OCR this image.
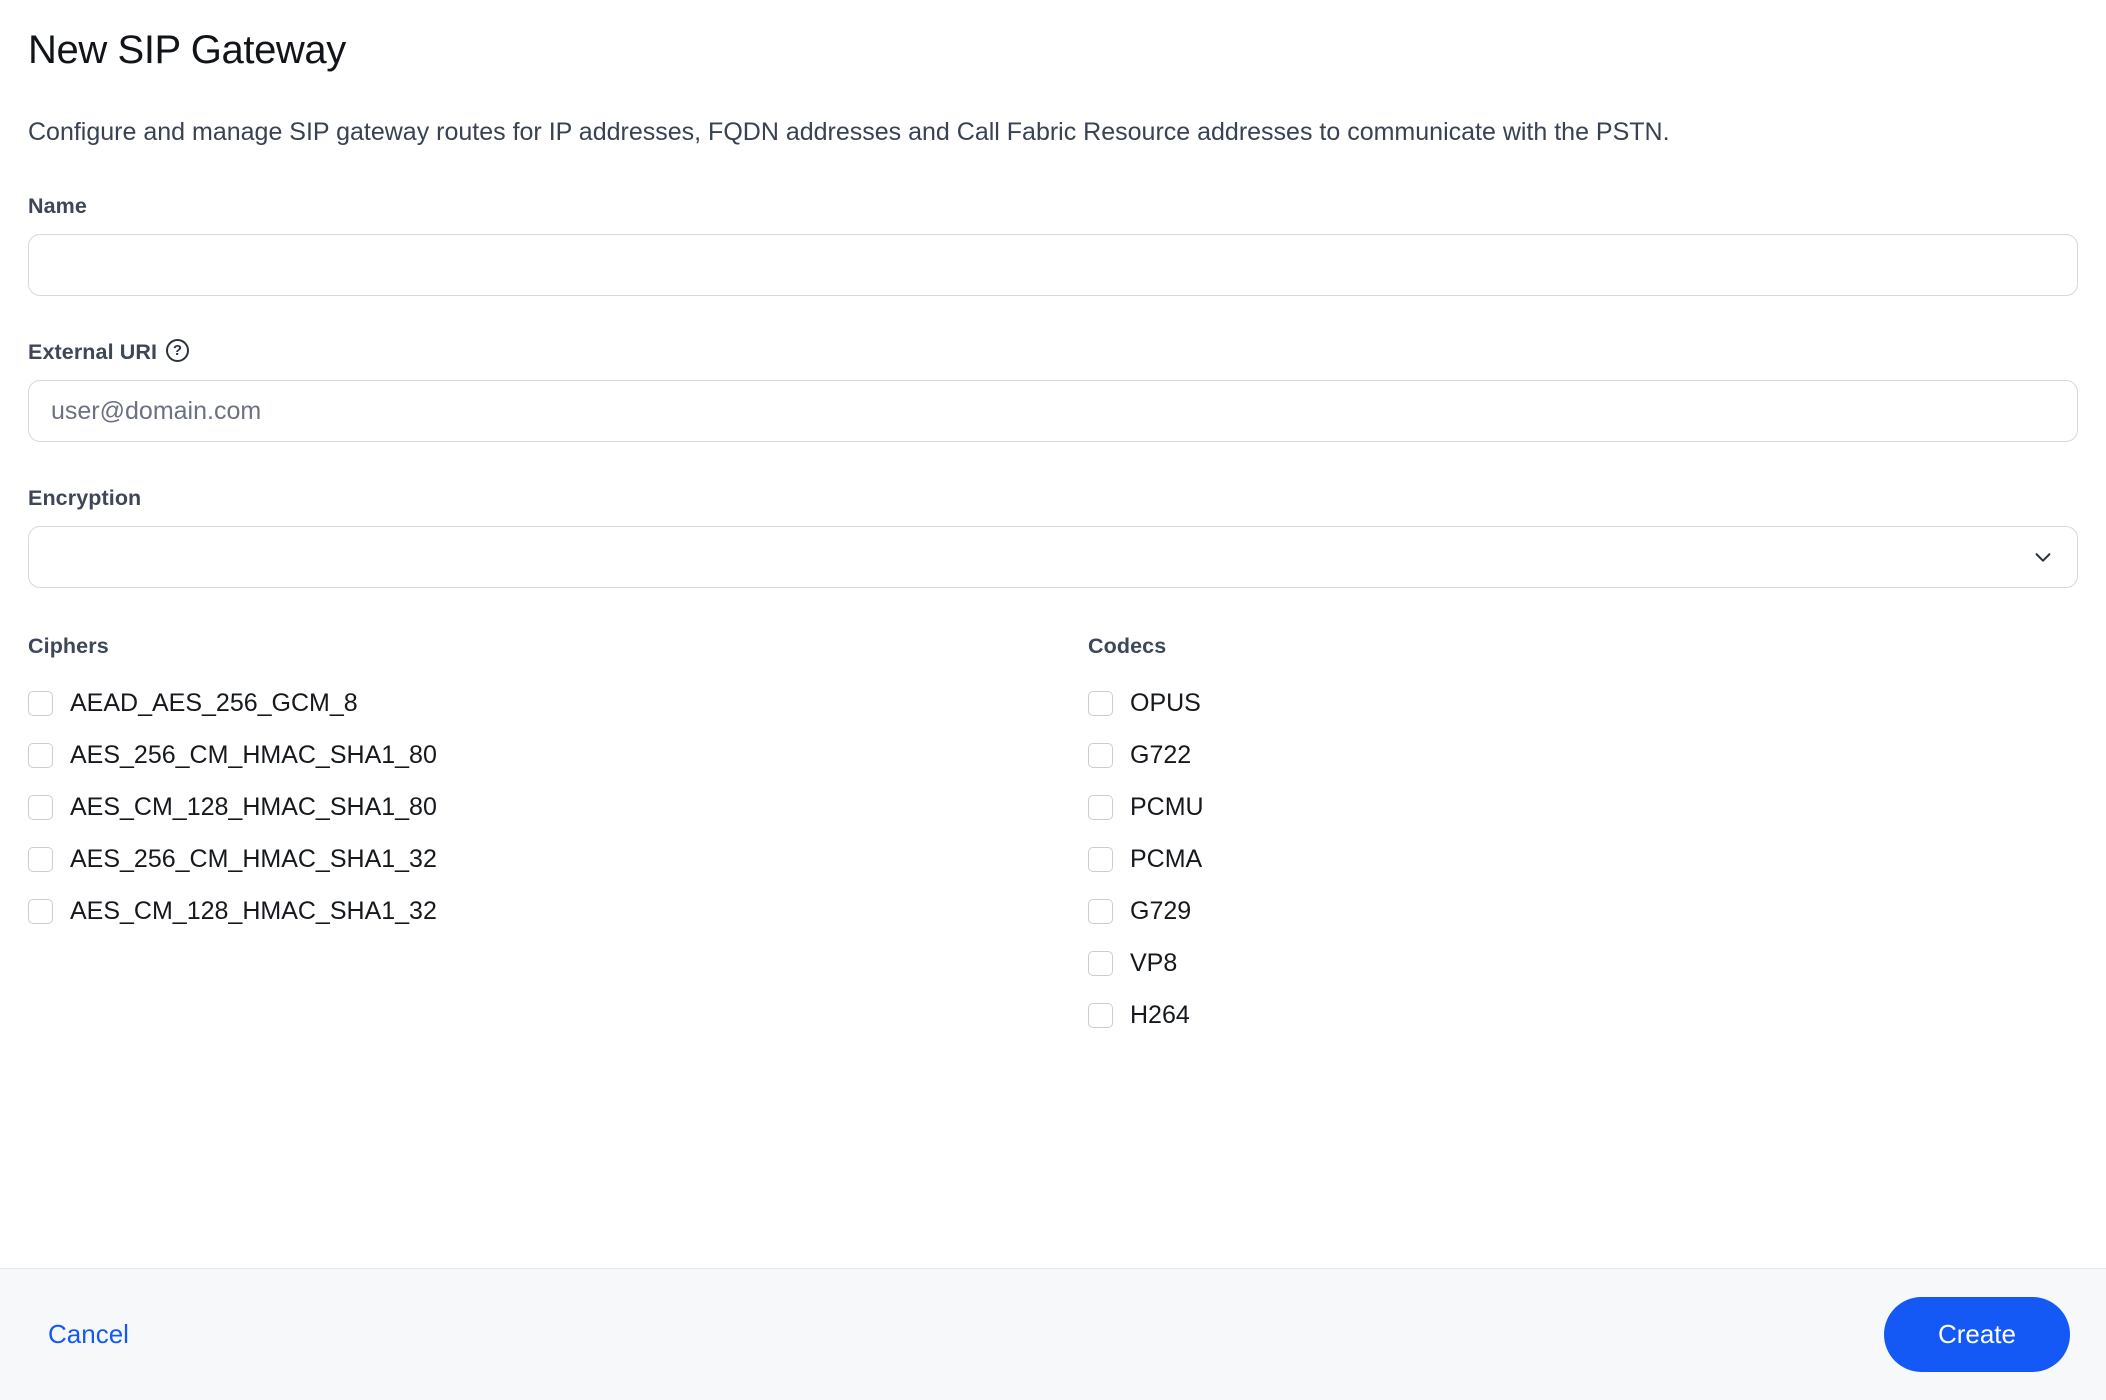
New SIP Gateway

Configure and manage SIP gateway routes for IP addresses, FQDN addresses and Call Fabric Resource addresses to communicate with the PSTN.

Name
External URI	?
user@domain.com
Encryption
Ciphers
AEAD_AES_256_GCM_8
AES_256_CM_HMAC_SHA1_80
AES_CM_128_HMAC_SHA1_80
AES_256_CM_HMAC_SHA1_32
AES_CM_128_HMAC_SHA1_32
Codecs
OPUS
G722
PCMU
PCMA
G729
VP8
H264
Cancel	Create
